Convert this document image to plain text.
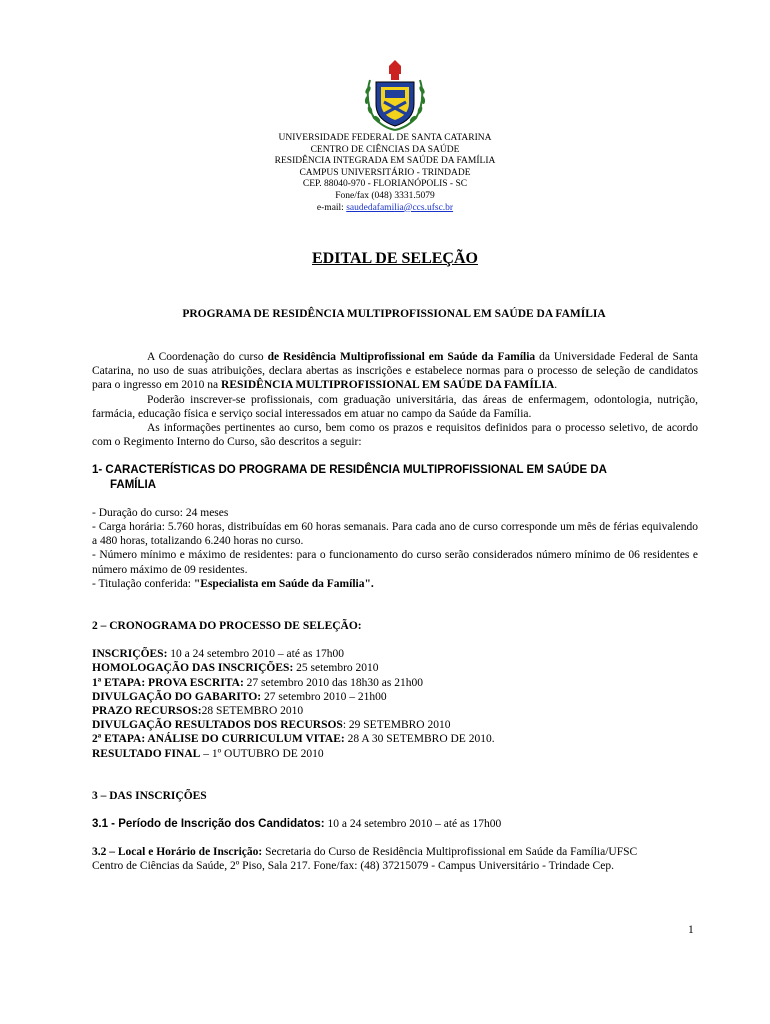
UNIVERSIDADE FEDERAL DE SANTA CATARINA
CENTRO DE CIÊNCIAS DA SAÚDE
RESIDÊNCIA INTEGRADA EM SAÚDE DA FAMÍLIA
CAMPUS UNIVERSITÁRIO - TRINDADE
CEP. 88040-970 - FLORIANÓPOLIS - SC
Fone/fax (048) 3331.5079
e-mail: saudedafamilia@ccs.ufsc.br
EDITAL DE SELEÇÃO
PROGRAMA DE RESIDÊNCIA MULTIPROFISSIONAL EM SAÚDE DA FAMÍLIA

A Coordenação do curso de Residência Multiprofissional em Saúde da Família da Universidade Federal de Santa Catarina, no uso de suas atribuições, declara abertas as inscrições e estabelece normas para o processo de seleção de candidatos para o ingresso em 2010 na RESIDÊNCIA MULTIPROFISSIONAL EM SAÚDE DA FAMÍLIA.

Poderão inscrever-se profissionais, com graduação universitária, das áreas de enfermagem, odontologia, nutrição, farmácia, educação física e serviço social interessados em atuar no campo da Saúde da Família.

As informações pertinentes ao curso, bem como os prazos e requisitos definidos para o processo seletivo, de acordo com o Regimento Interno do Curso, são descritos a seguir:

1- CARACTERÍSTICAS DO PROGRAMA DE RESIDÊNCIA MULTIPROFISSIONAL EM SAÚDE DA

FAMÍLIA

- Duração do curso: 24 meses

- Carga horária: 5.760 horas, distribuídas em 60 horas semanais. Para cada ano de curso corresponde um mês de férias equivalendo a 480 horas, totalizando 6.240 horas no curso.

- Número mínimo e máximo de residentes: para o funcionamento do curso serão considerados número mínimo de 06 residentes e número máximo de 09 residentes.

- Titulação conferida: "Especialista em Saúde da Família".

2 – CRONOGRAMA DO PROCESSO DE SELEÇÃO:

INSCRIÇÕES: 10 a 24 setembro 2010 – até as 17h00

HOMOLOGAÇÃO DAS INSCRIÇÕES: 25 setembro 2010

1ª ETAPA: PROVA ESCRITA: 27 setembro 2010 das 18h30 as 21h00

DIVULGAÇÃO DO GABARITO: 27 setembro 2010 – 21h00

PRAZO RECURSOS:28 SETEMBRO 2010

DIVULGAÇÃO RESULTADOS DOS RECURSOS: 29 SETEMBRO 2010

2ª ETAPA: ANÁLISE DO CURRICULUM VITAE: 28 A 30 SETEMBRO DE 2010.

RESULTADO FINAL – 1º OUTUBRO DE 2010

3 – DAS INSCRIÇÕES

3.1 - Período de Inscrição dos Candidatos: 10 a 24 setembro 2010 – até as 17h00

3.2 – Local e Horário de Inscrição: Secretaria do Curso de Residência Multiprofissional em Saúde da Família/UFSC

Centro de Ciências da Saúde, 2º Piso, Sala 217. Fone/fax: (48) 37215079 - Campus Universitário - Trindade Cep.

1
